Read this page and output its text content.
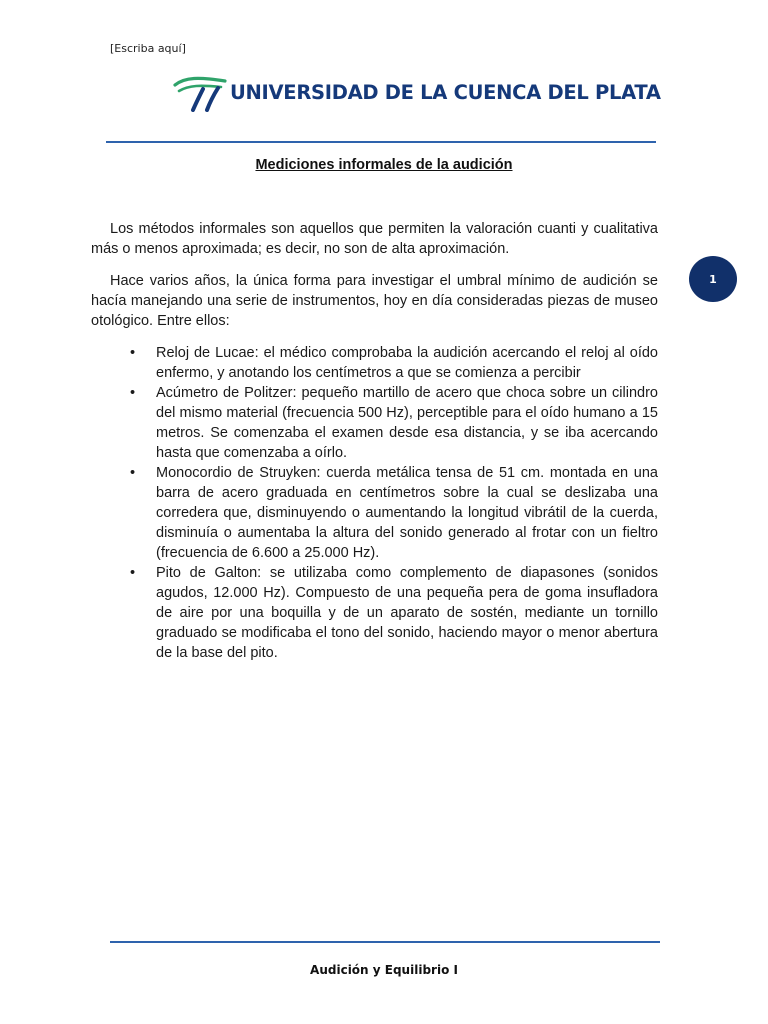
[Escriba aquí]
UNIVERSIDAD DE LA CUENCA DEL PLATA
Mediciones informales de la audición

Los métodos informales son aquellos que permiten la valoración cuanti y cualitativa más o menos aproximada; es decir, no son de alta aproximación.

Hace varios años, la única forma para investigar el umbral mínimo de audición se hacía manejando una serie de instrumentos, hoy en día consideradas piezas de museo otológico. Entre ellos:

• Reloj de Lucae: el médico comprobaba la audición acercando el reloj al oído enfermo, y anotando los centímetros a que se comienza a percibir
• Acúmetro de Politzer: pequeño martillo de acero que choca sobre un cilindro del mismo material (frecuencia 500 Hz), perceptible para el oído humano a 15 metros. Se comenzaba el examen desde esa distancia, y se iba acercando hasta que comenzaba a oírlo.
• Monocordio de Struyken: cuerda metálica tensa de 51 cm. montada en una barra de acero graduada en centímetros sobre la cual se deslizaba una corredera que, disminuyendo o aumentando la longitud vibrátil de la cuerda, disminuía o aumentaba la altura del sonido generado al frotar con un fieltro (frecuencia de 6.600 a 25.000 Hz).
• Pito de Galton: se utilizaba como complemento de diapasones (sonidos agudos, 12.000 Hz). Compuesto de una pequeña pera de goma insufladora de aire por una boquilla y de un aparato de sostén, mediante un tornillo graduado se modificaba el tono del sonido, haciendo mayor o menor abertura de la base del pito.
1
Audición y Equilibrio I
